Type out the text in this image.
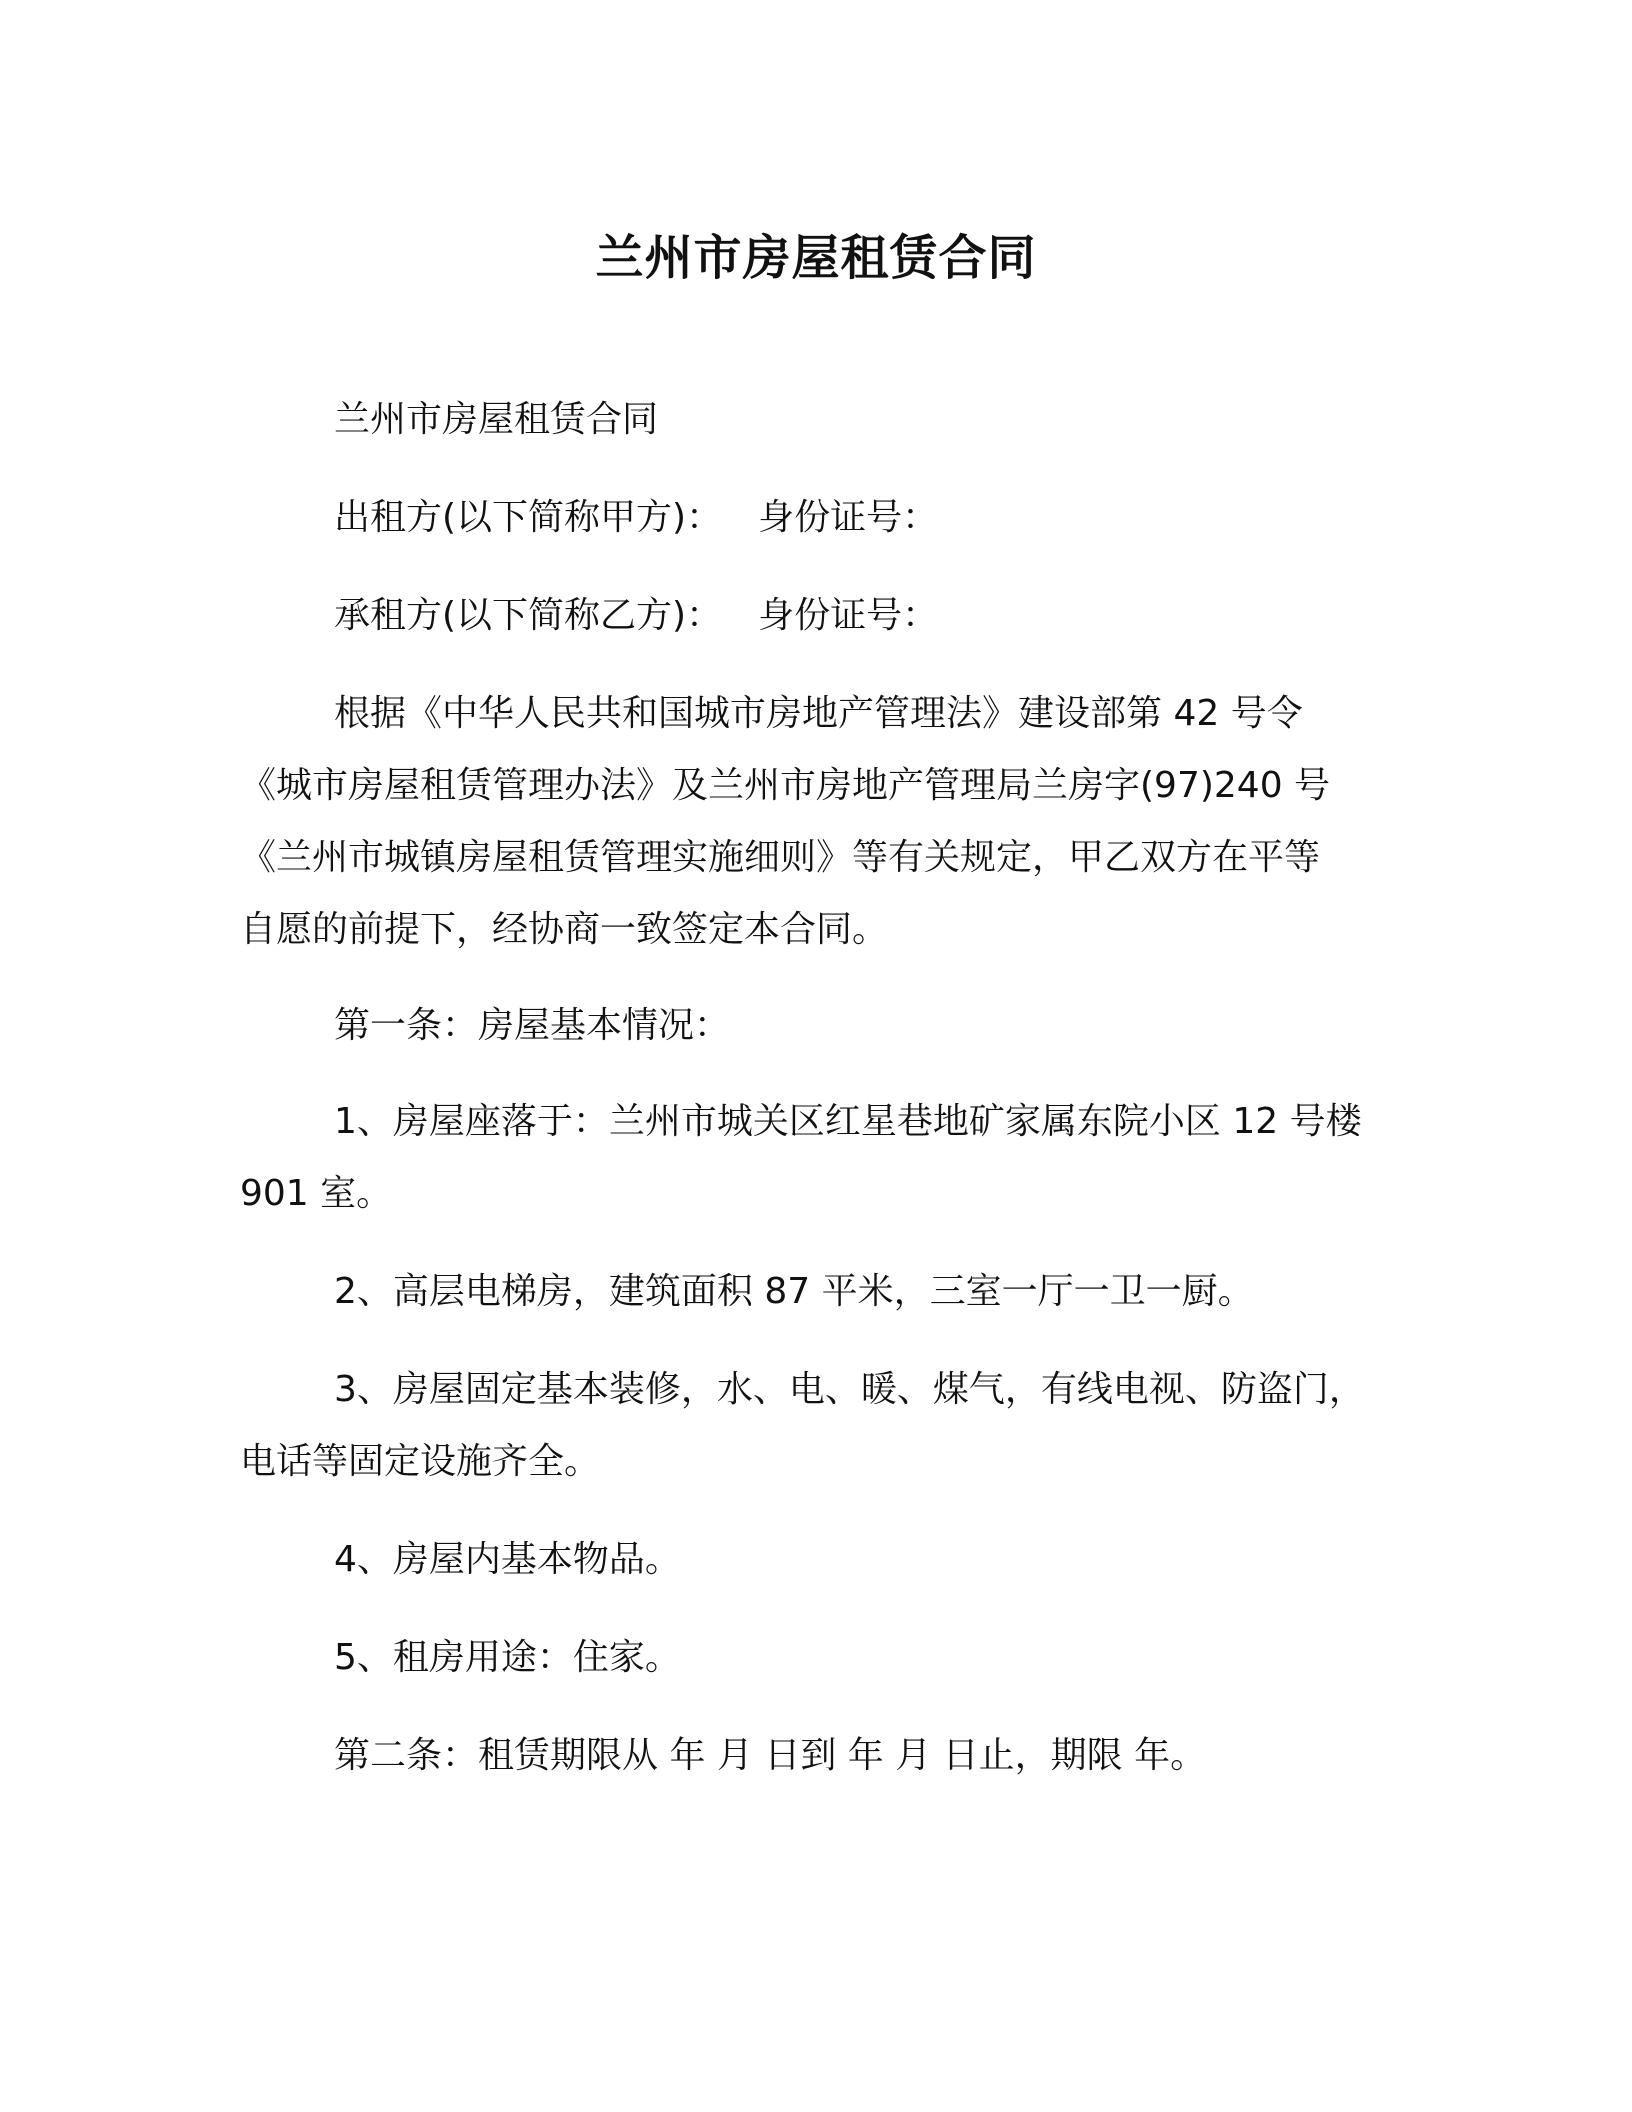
兰州市房屋租赁合同
兰州市房屋租赁合同
出租方(以下简称甲方)： 身份证号：
承租方(以下简称乙方)： 身份证号：
根据《中华人民共和国城市房地产管理法》建设部第 42 号令
《城市房屋租赁管理办法》及兰州市房地产管理局兰房字(97)240 号
《兰州市城镇房屋租赁管理实施细则》等有关规定，甲乙双方在平等
自愿的前提下，经协商一致签定本合同。
第一条：房屋基本情况：
1、房屋座落于：兰州市城关区红星巷地矿家属东院小区 12 号楼
901 室。
2、高层电梯房，建筑面积 87 平米，三室一厅一卫一厨。
3、房屋固定基本装修，水、电、暖、煤气，有线电视、防盗门，
电话等固定设施齐全。
4、房屋内基本物品。
5、租房用途：住家。
第二条：租赁期限从 年 月 日到 年 月 日止，期限 年。
